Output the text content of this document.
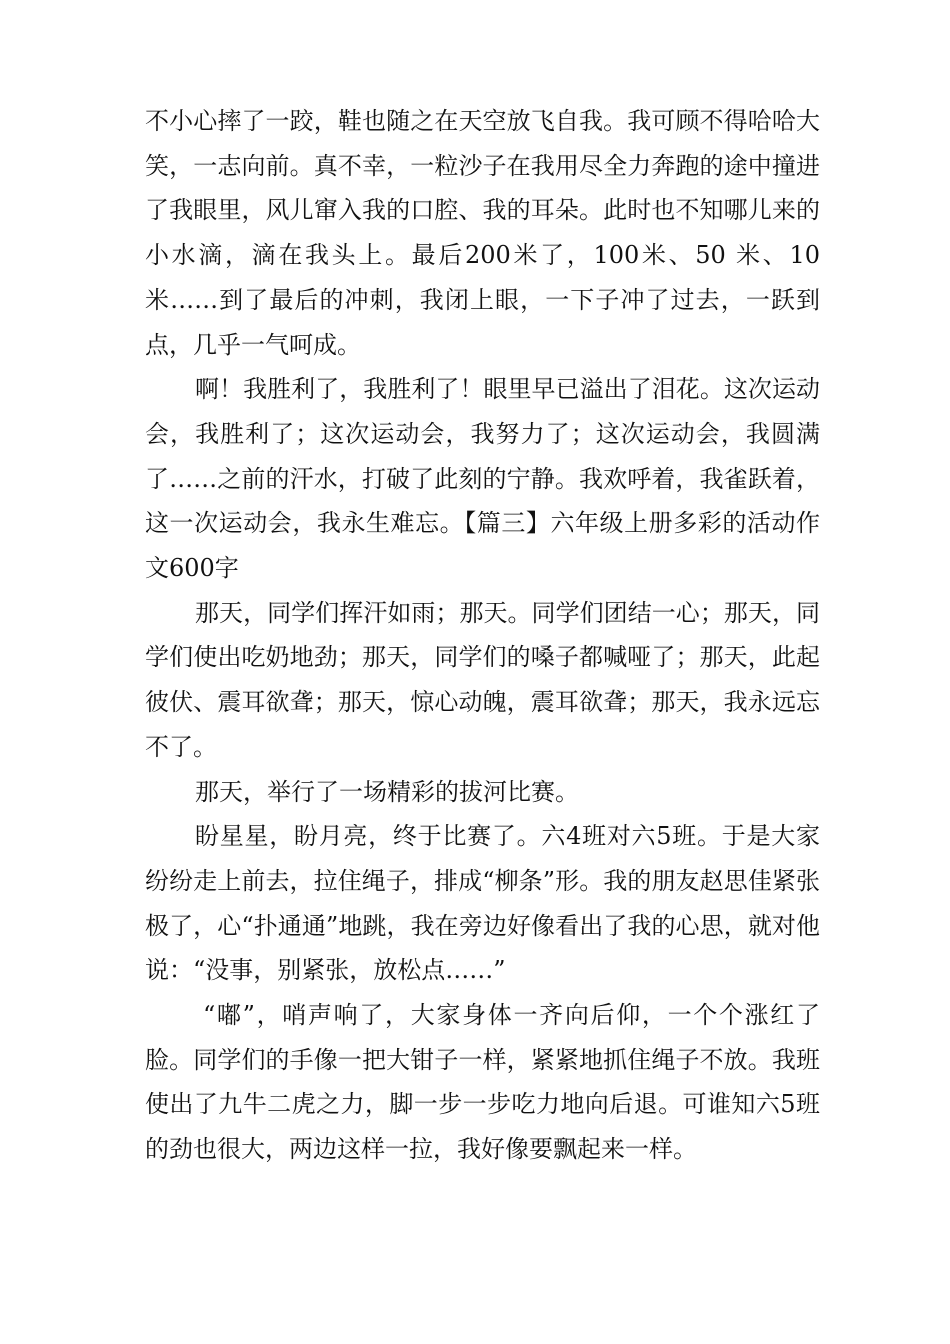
不小心摔了一跤，鞋也随之在天空放飞自我。我可顾不得哈哈大笑，一志向前。真不幸，一粒沙子在我用尽全力奔跑的途中撞进了我眼里，风儿窜入我的口腔、我的耳朵。此时也不知哪儿来的小水滴，滴在我头上。最后200米了，100米、50 米、10 米……到了最后的冲刺，我闭上眼，一下子冲了过去，一跃到点，几乎一气呵成。

啊！我胜利了，我胜利了！眼里早已溢出了泪花。这次运动会，我胜利了；这次运动会，我努力了；这次运动会，我圆满了……之前的汗水，打破了此刻的宁静。我欢呼着，我雀跃着，这一次运动会，我永生难忘。【篇三】六年级上册多彩的活动作文600字

那天，同学们挥汗如雨；那天。同学们团结一心；那天，同学们使出吃奶地劲；那天，同学们的嗓子都喊哑了；那天，此起彼伏、震耳欲聋；那天，惊心动魄，震耳欲聋；那天，我永远忘不了。

那天，举行了一场精彩的拔河比赛。

盼星星，盼月亮，终于比赛了。六4班对六5班。于是大家纷纷走上前去，拉住绳子，排成“柳条”形。我的朋友赵思佳紧张极了，心“扑通通”地跳，我在旁边好像看出了我的心思，就对他说：“没事，别紧张，放松点……”

“嘟”，哨声响了，大家身体一齐向后仰，一个个涨红了脸。同学们的手像一把大钳子一样，紧紧地抓住绳子不放。我班使出了九牛二虎之力，脚一步一步吃力地向后退。可谁知六5班的劲也很大，两边这样一拉，我好像要飘起来一样。
